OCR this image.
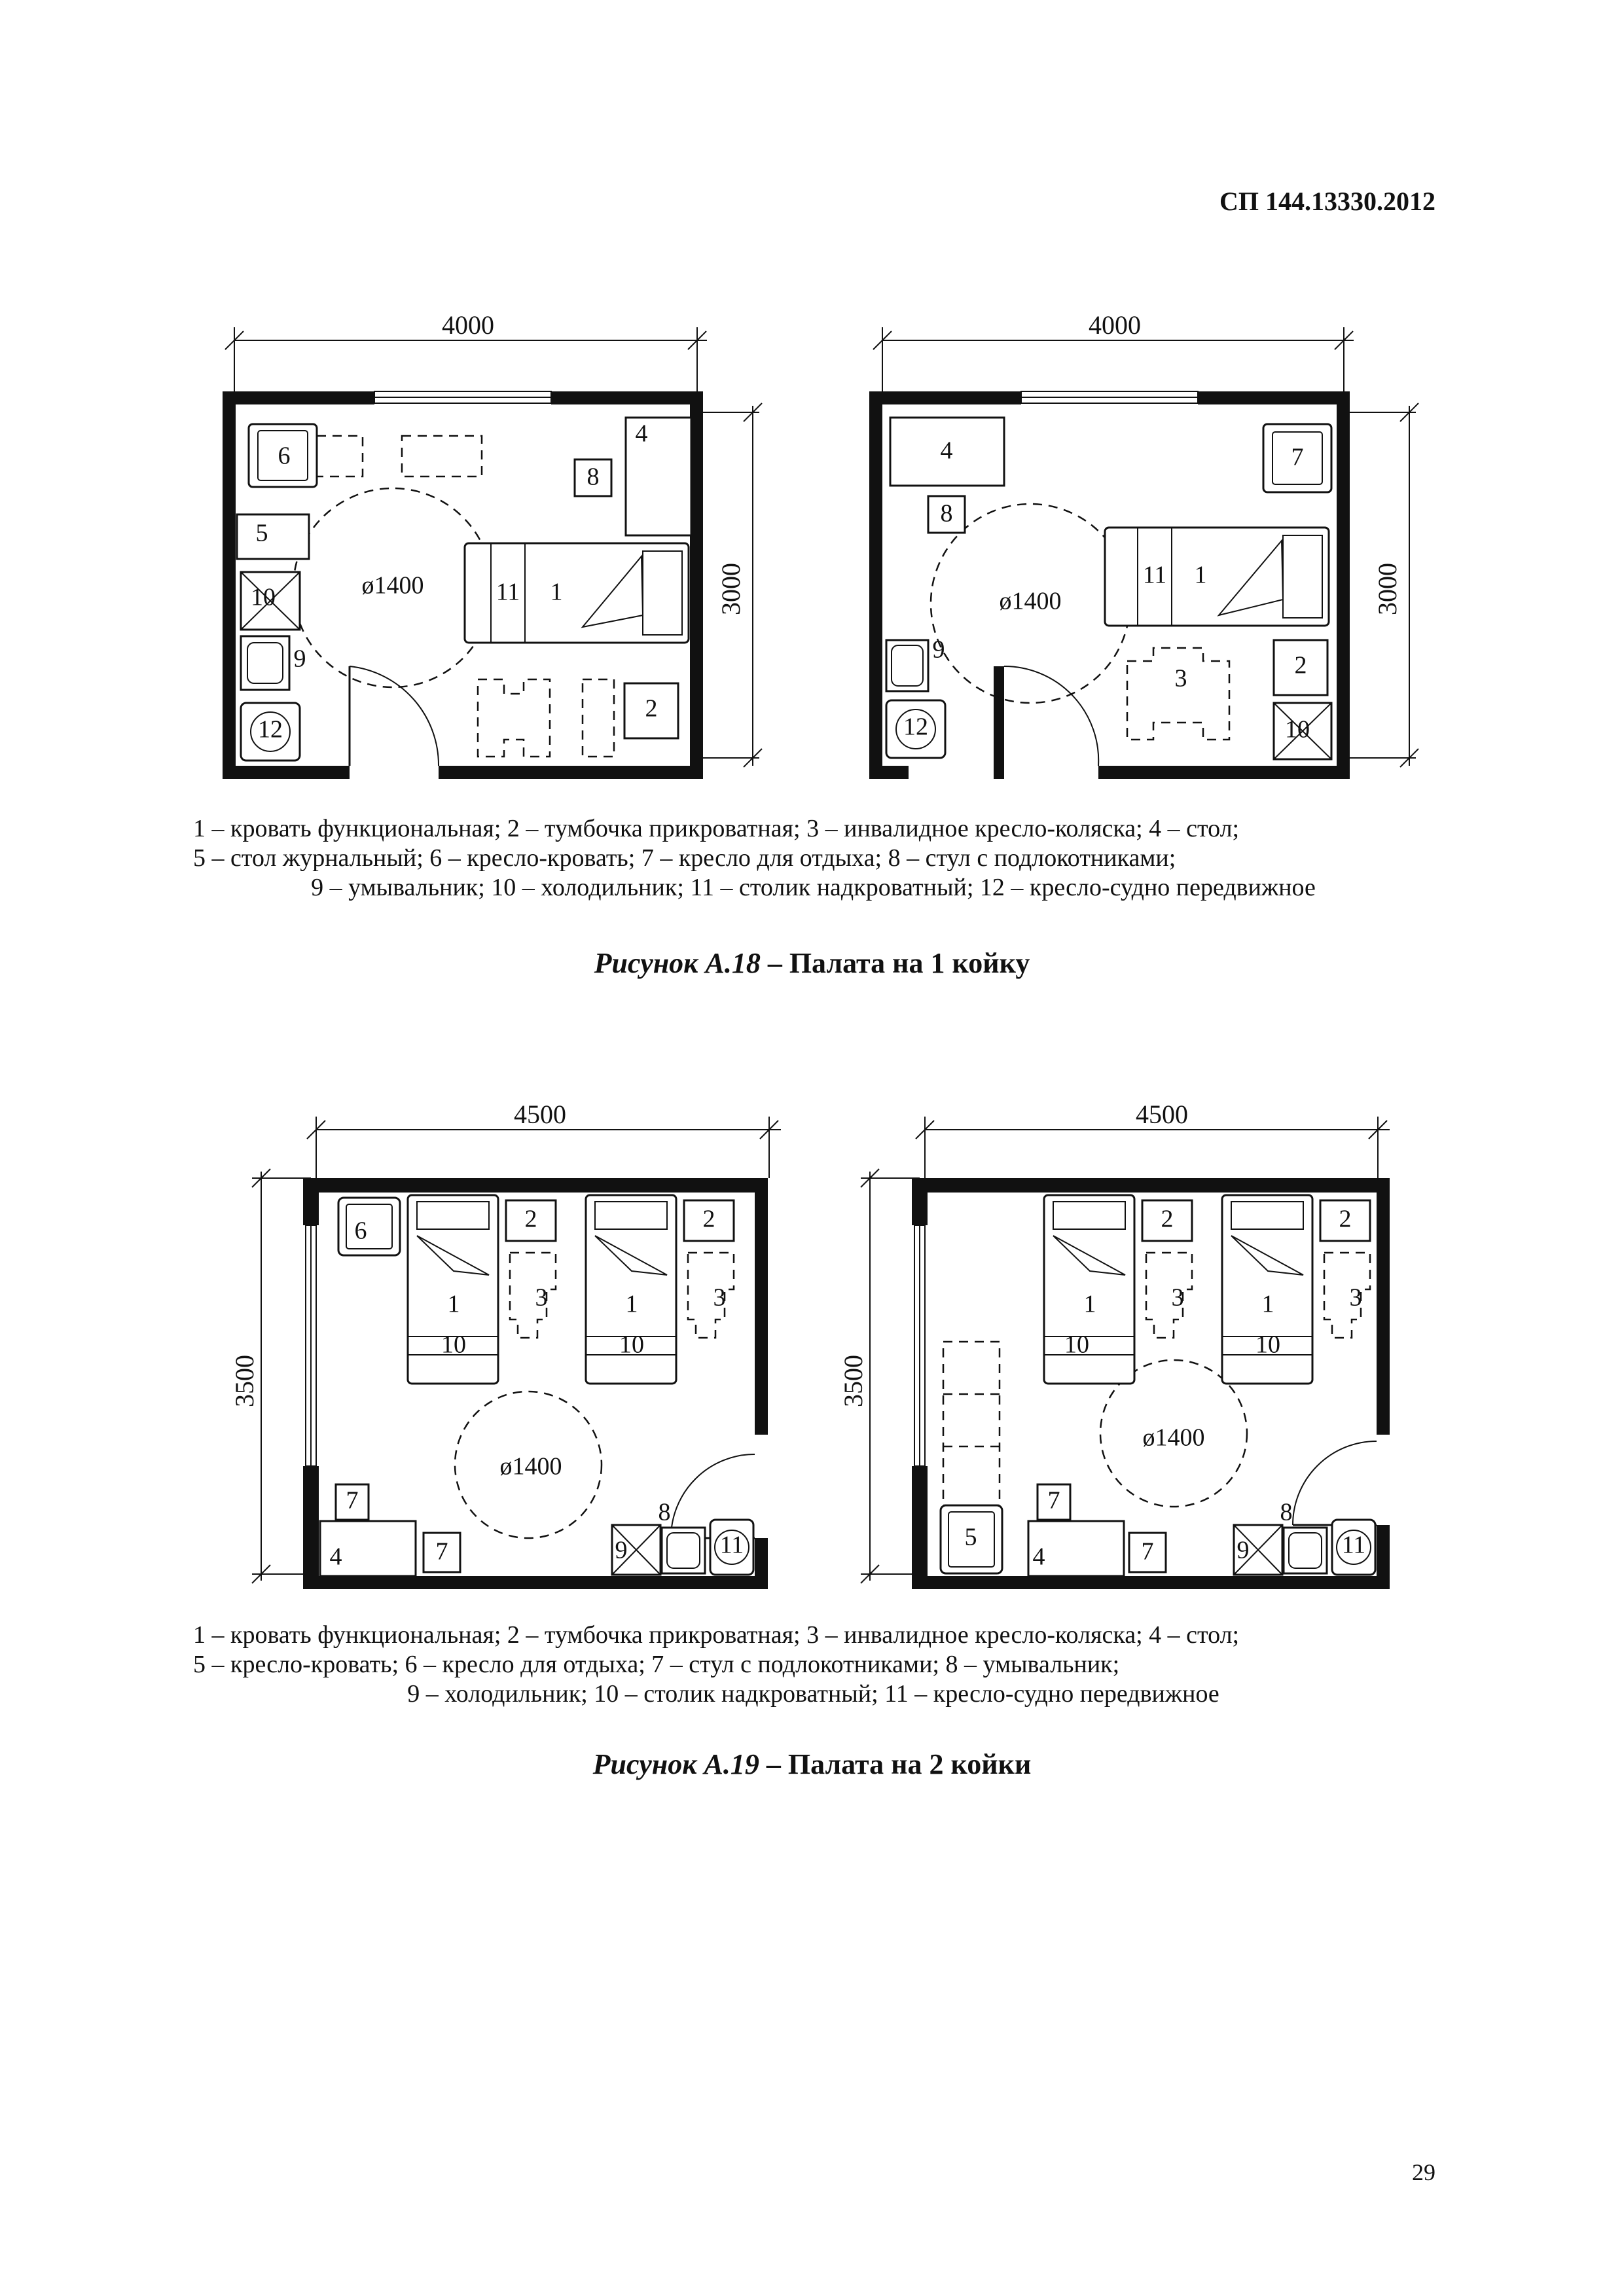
СП 144.13330.2012
4000
3000
ø1400
6
8
4
5
10
9
12
11 1
2
4000
3000
ø1400
4
8
7
11 1
3	2
10
9
12

1 – кровать функциональная; 2 – тумбочка прикроватная; 3 – инвалидное кресло-коляска; 4 – стол;

5 – стол журнальный; 6 – кресло-кровать; 7 – кресло для отдыха; 8 – стул с подлокотниками;

9 – умывальник; 10 – холодильник; 11 – столик надкроватный; 12 – кресло-судно передвижное

Рисунок А.18 – Палата на 1 койку
4500
3500
ø1400
6
1
10
2
3	1
10
2
3
7
4	7	9
8
11
4500
3500
ø1400
1
10
2
3	1
10
2
3
5
7
4	7	9
8
11

1 – кровать функциональная; 2 – тумбочка прикроватная; 3 – инвалидное кресло-коляска; 4 – стол;

5 – кресло-кровать; 6 – кресло для отдыха; 7 – стул с подлокотниками; 8 – умывальник;

9 – холодильник; 10 – столик надкроватный; 11 – кресло-судно передвижное

Рисунок А.19 – Палата на 2 койки
29
